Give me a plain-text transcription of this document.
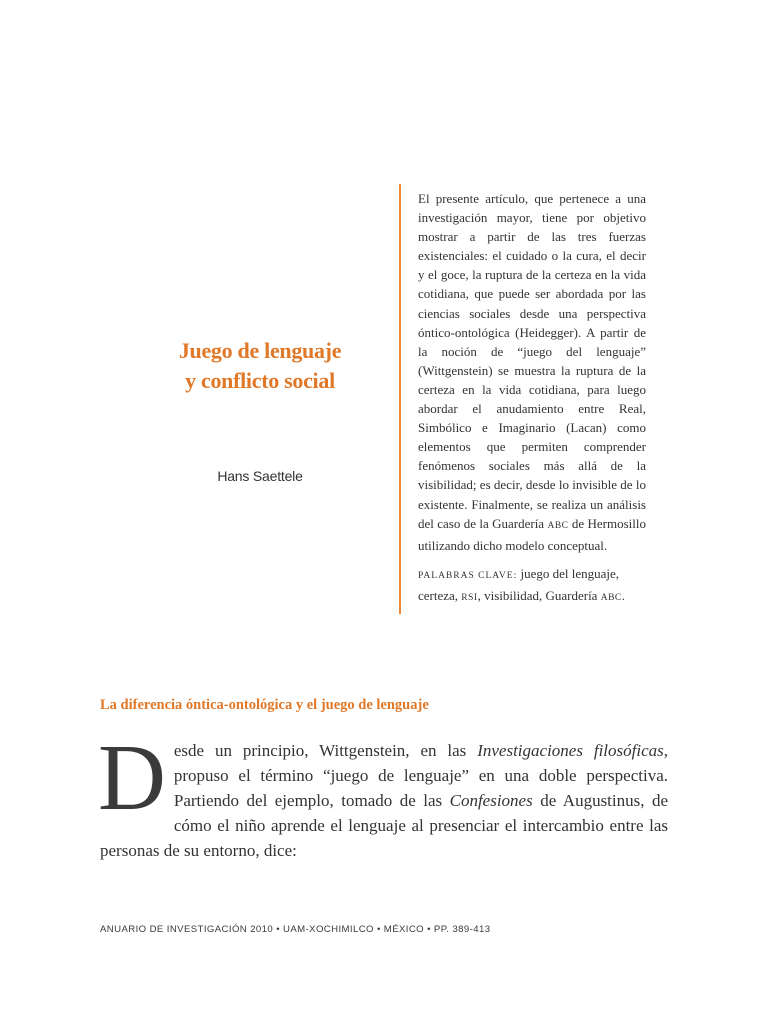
Juego de lenguaje
y conflicto social
Hans Saettele

El presente artículo, que pertenece a una investigación mayor, tiene por objetivo mostrar a partir de las tres fuerzas existenciales: el cuidado o la cura, el decir y el goce, la ruptura de la certeza en la vida cotidiana, que puede ser abordada por las ciencias sociales desde una perspectiva óntico-ontológica (Heidegger). A partir de la noción de “juego del lenguaje” (Wittgenstein) se muestra la ruptura de la certeza en la vida cotidiana, para luego abordar el anudamiento entre Real, Simbólico e Imaginario (Lacan) como elementos que permiten comprender fenómenos sociales más allá de la visibilidad; es decir, desde lo invisible de lo existente. Finalmente, se realiza un análisis del caso de la Guardería ABC de Hermosillo utilizando dicho modelo conceptual.

PALABRAS CLAVE: juego del lenguaje, certeza, RSI, visibilidad, Guardería ABC.

La diferencia óntica-ontológica y el juego de lenguaje

Desde un principio, Wittgenstein, en las Investigaciones filosóficas, propuso el término “juego de lenguaje” en una doble perspectiva. Partiendo del ejemplo, tomado de las Confesiones de Augustinus, de cómo el niño aprende el lenguaje al presenciar el intercambio entre las personas de su entorno, dice:

ANUARIO DE INVESTIGACIÓN 2010 • UAM-XOCHIMILCO • MÉXICO • PP. 389-413
